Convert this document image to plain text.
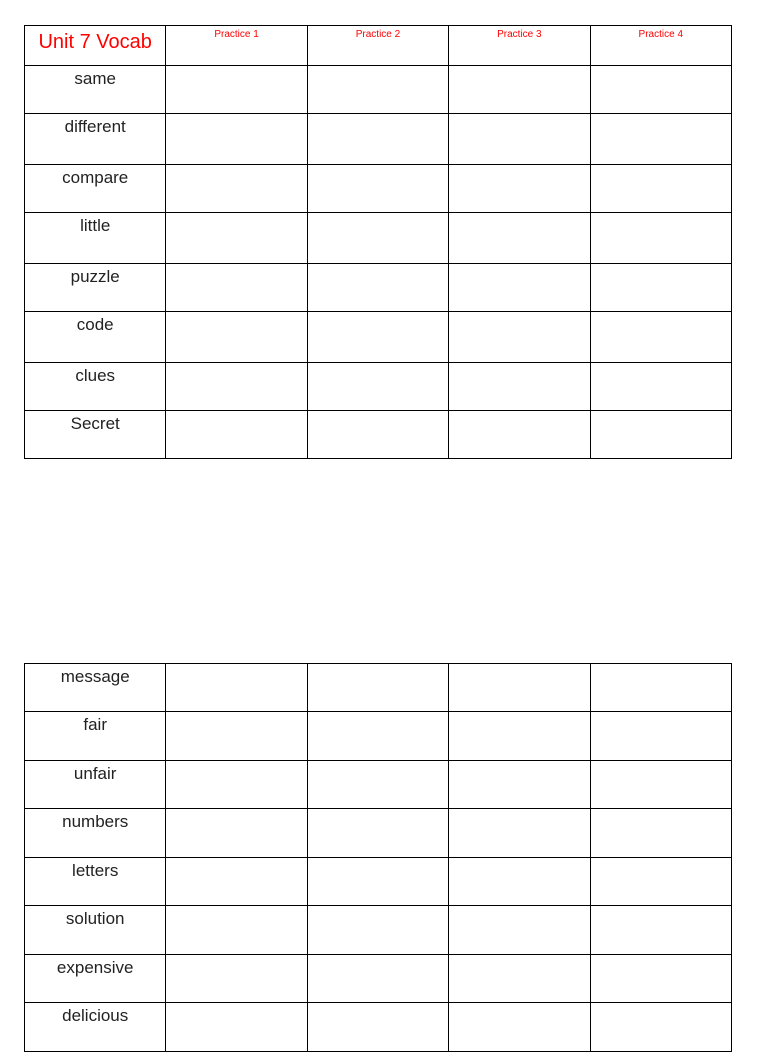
Unit 7 Vocab	Practice 1	Practice 2	Practice 3	Practice 4
same				
different				
compare				
little				
puzzle				
code				
clues				
Secret				
message				
fair				
unfair				
numbers				
letters				
solution				
expensive				
delicious				
